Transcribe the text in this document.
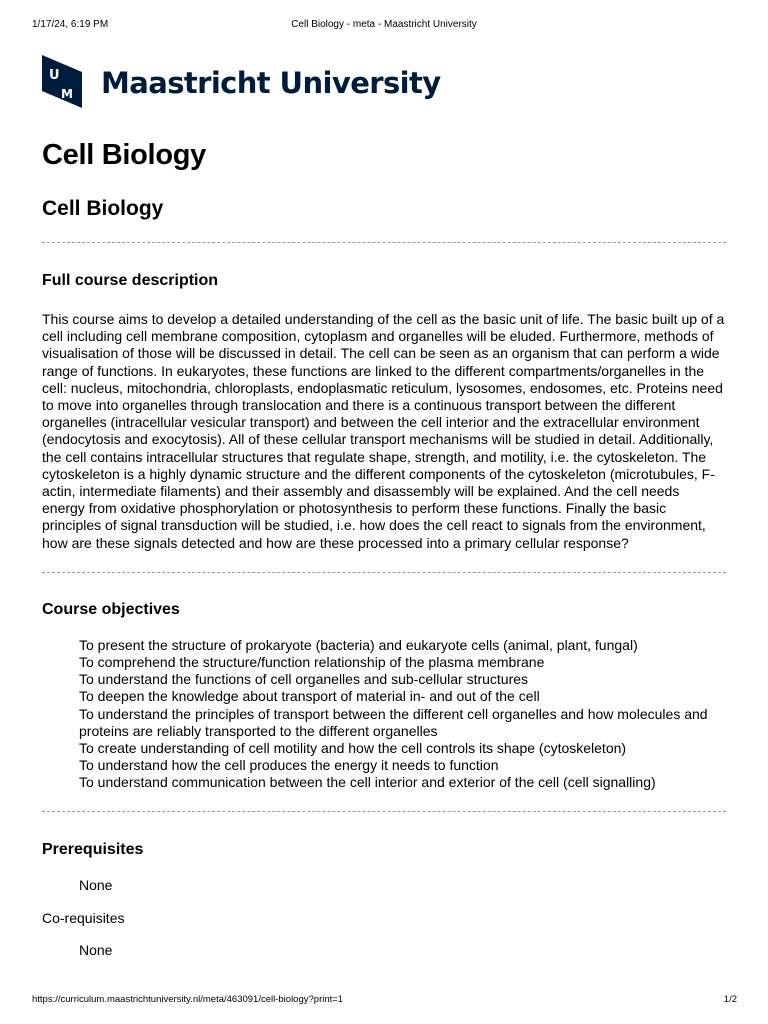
1/17/24, 6:19 PM	Cell Biology - meta - Maastricht University
U
M Maastricht University
Cell Biology
Cell Biology
Full course description

This course aims to develop a detailed understanding of the cell as the basic unit of life. The basic built up of a cell including cell membrane composition, cytoplasm and organelles will be eluded. Furthermore, methods of visualisation of those will be discussed in detail. The cell can be seen as an organism that can perform a wide range of functions. In eukaryotes, these functions are linked to the different compartments/organelles in the cell: nucleus, mitochondria, chloroplasts, endoplasmatic reticulum, lysosomes, endosomes, etc. Proteins need to move into organelles through translocation and there is a continuous transport between the different organelles (intracellular vesicular transport) and between the cell interior and the extracellular environment (endocytosis and exocytosis). All of these cellular transport mechanisms will be studied in detail. Additionally, the cell contains intracellular structures that regulate shape, strength, and motility, i.e. the cytoskeleton. The cytoskeleton is a highly dynamic structure and the different components of the cytoskeleton (microtubules, F-actin, intermediate filaments) and their assembly and disassembly will be explained. And the cell needs energy from oxidative phosphorylation or photosynthesis to perform these functions. Finally the basic principles of signal transduction will be studied, i.e. how does the cell react to signals from the environment, how are these signals detected and how are these processed into a primary cellular response?

Course objectives
To present the structure of prokaryote (bacteria) and eukaryote cells (animal, plant, fungal)
To comprehend the structure/function relationship of the plasma membrane
To understand the functions of cell organelles and sub-cellular structures
To deepen the knowledge about transport of material in- and out of the cell
To understand the principles of transport between the different cell organelles and how molecules and proteins are reliably transported to the different organelles
To create understanding of cell motility and how the cell controls its shape (cytoskeleton)
To understand how the cell produces the energy it needs to function
To understand communication between the cell interior and exterior of the cell (cell signalling)
Prerequisites

None

Co-requisites

None

https://curriculum.maastrichtuniversity.nl/meta/463091/cell-biology?print=1	1/2
